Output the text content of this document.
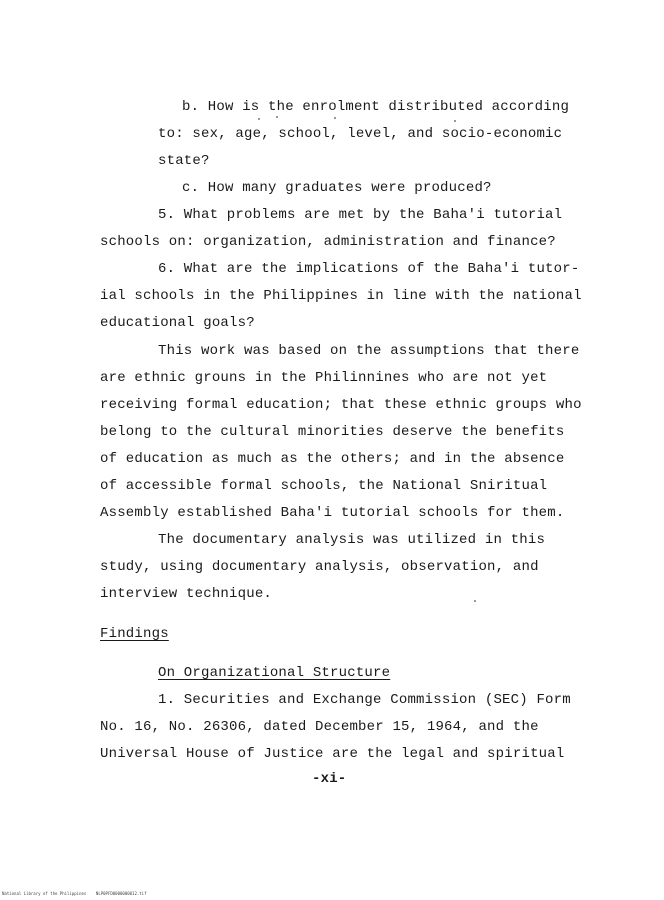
b. How is the enrolment distributed according
to: sex, age, school, level, and socio-economic
state?
c. How many graduates were produced?
5. What problems are met by the Baha'i tutorial
schools on: organization, administration and finance?
6. What are the implications of the Baha'i tutor-
ial schools in the Philippines in line with the national
educational goals?
This work was based on the assumptions that there
are ethnic grouns in the Philinnines who are not yet
receiving formal education; that these ethnic groups who
belong to the cultural minorities deserve the benefits
of education as much as the others; and in the absence
of accessible formal schools, the National Sniritual
Assembly established Baha'i tutorial schools for them.
The documentary analysis was utilized in this
study, using documentary analysis, observation, and
interview technique.
Findings
On Organizational Structure
1. Securities and Exchange Commission (SEC) Form
No. 16, No. 26306, dated December 15, 1964, and the
Universal House of Justice are the legal and spiritual
-xi-
National Library of the Philippines    NLP0PFD0000000012.tif
